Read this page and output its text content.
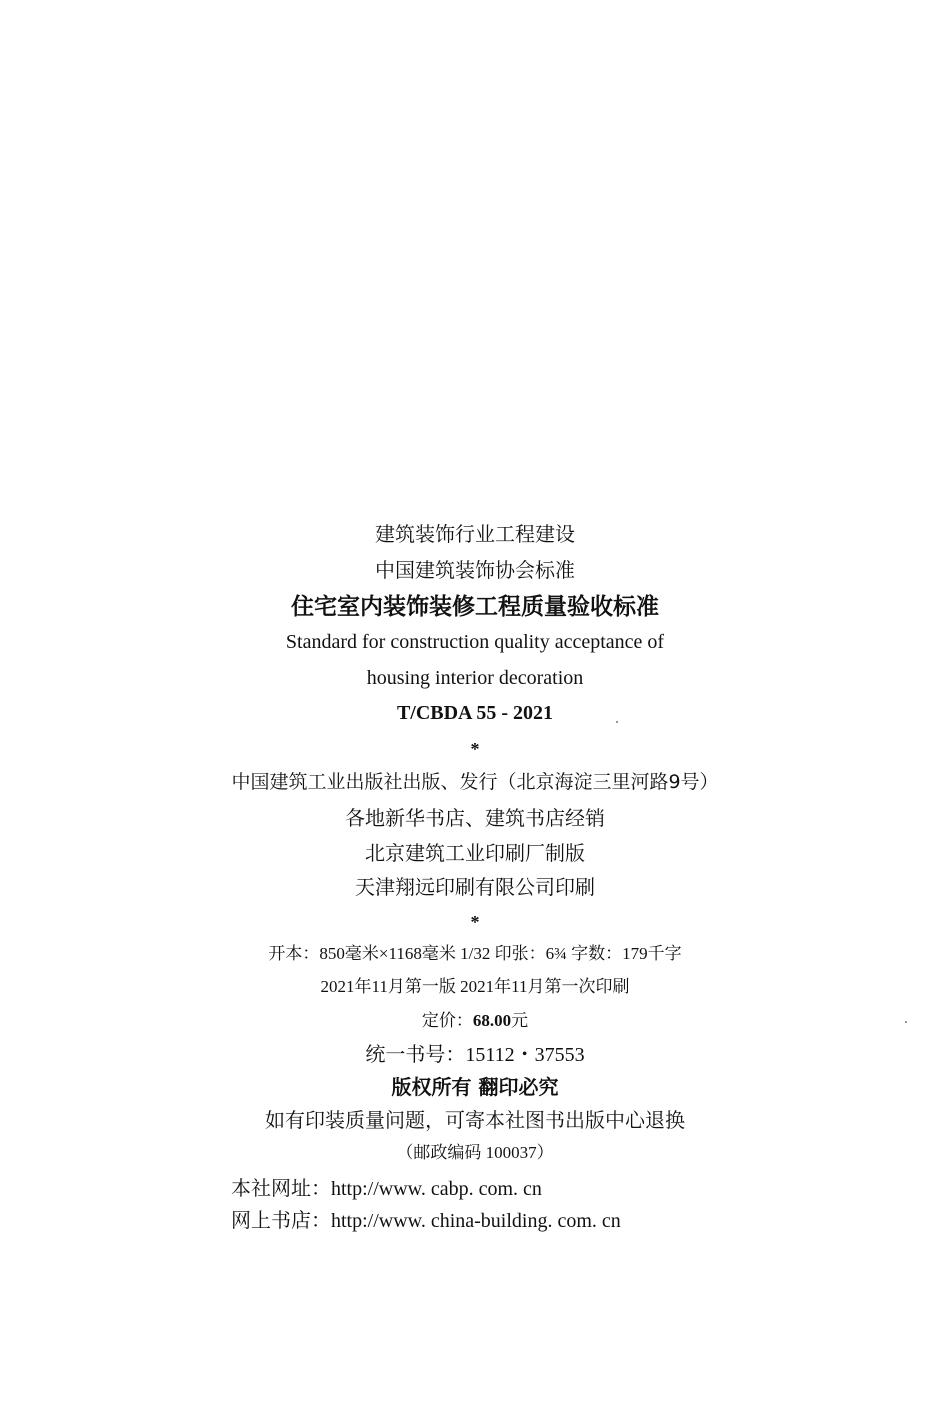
建筑装饰行业工程建设
中国建筑装饰协会标准
住宅室内装饰装修工程质量验收标准
Standard for construction quality acceptance of
housing interior decoration
T/CBDA 55 - 2021
*
中国建筑工业出版社出版、发行（北京海淀三里河路9号）
各地新华书店、建筑书店经销
北京建筑工业印刷厂制版
天津翔远印刷有限公司印刷
*
开本：850毫米×1168毫米 1/32 印张：6¾ 字数：179千字
2021年11月第一版 2021年11月第一次印刷
定价：68.00元
统一书号：15112・37553
版权所有 翻印必究
如有印装质量问题，可寄本社图书出版中心退换
（邮政编码 100037）
本社网址：http://www. cabp. com. cn
网上书店：http://www. china-building. com. cn
